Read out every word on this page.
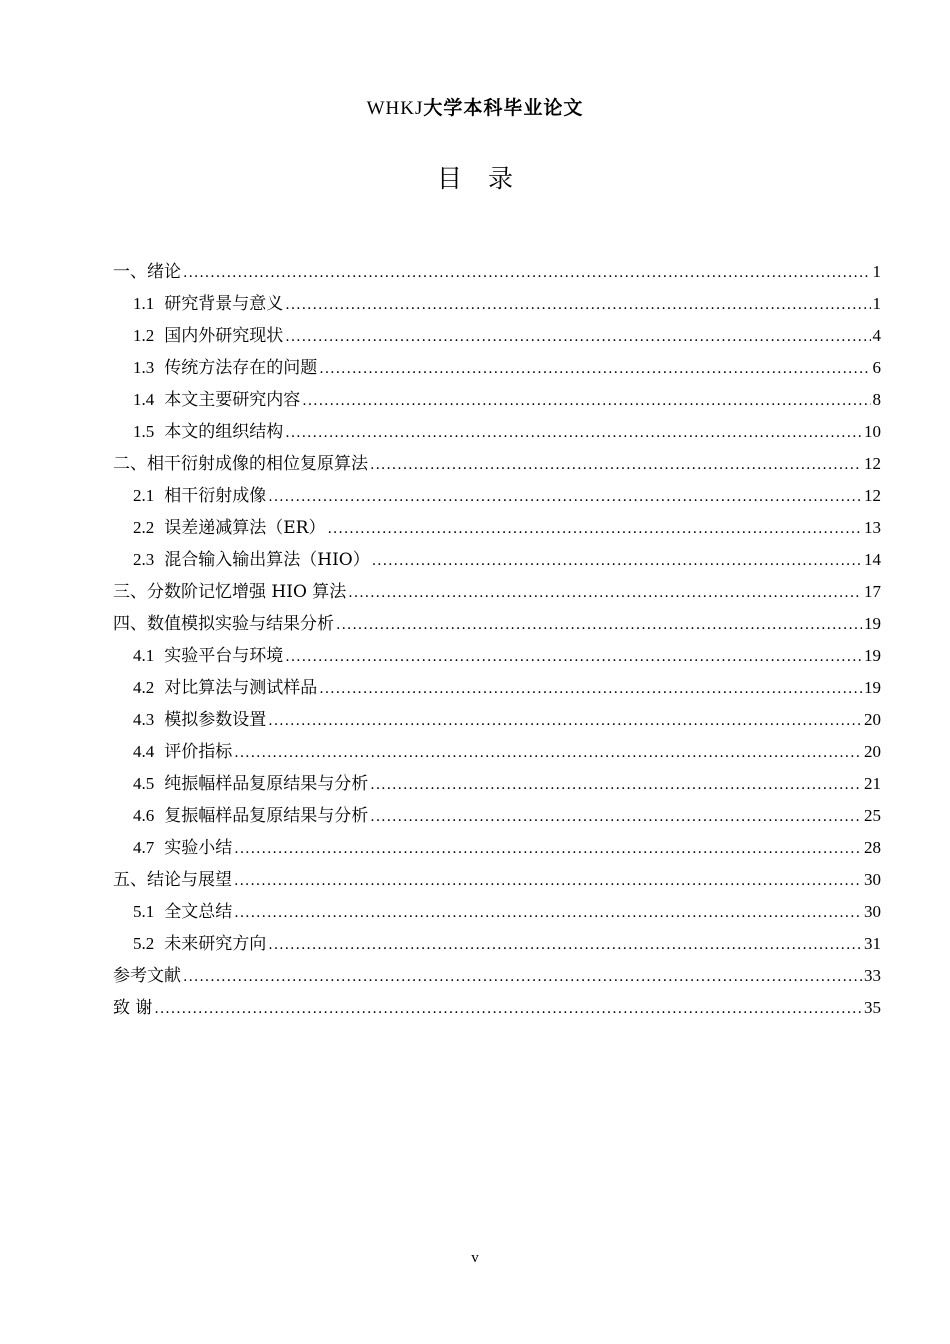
WHKJ大学本科毕业论文
目录
一、绪论 .....	1
1.1 研究背景与意义 .....	1
1.2 国内外研究现状 .....	4
1.3 传统方法存在的问题 .....	6
1.4 本文主要研究内容 .....	8
1.5 本文的组织结构 .....	10
二、相干衍射成像的相位复原算法 .....	12
2.1 相干衍射成像 .....	12
2.2 误差递减算法（ER） .....	13
2.3 混合输入输出算法（HIO） .....	14
三、分数阶记忆增强 HIO 算法 .....	17
四、数值模拟实验与结果分析 .....	19
4.1 实验平台与环境 .....	19
4.2 对比算法与测试样品 .....	19
4.3 模拟参数设置 .....	20
4.4 评价指标 .....	20
4.5 纯振幅样品复原结果与分析 .....	21
4.6 复振幅样品复原结果与分析 .....	25
4.7 实验小结 .....	28
五、结论与展望 .....	30
5.1 全文总结 .....	30
5.2 未来研究方向 .....	31
参考文献 .....	33
致 谢 .....	35
v
